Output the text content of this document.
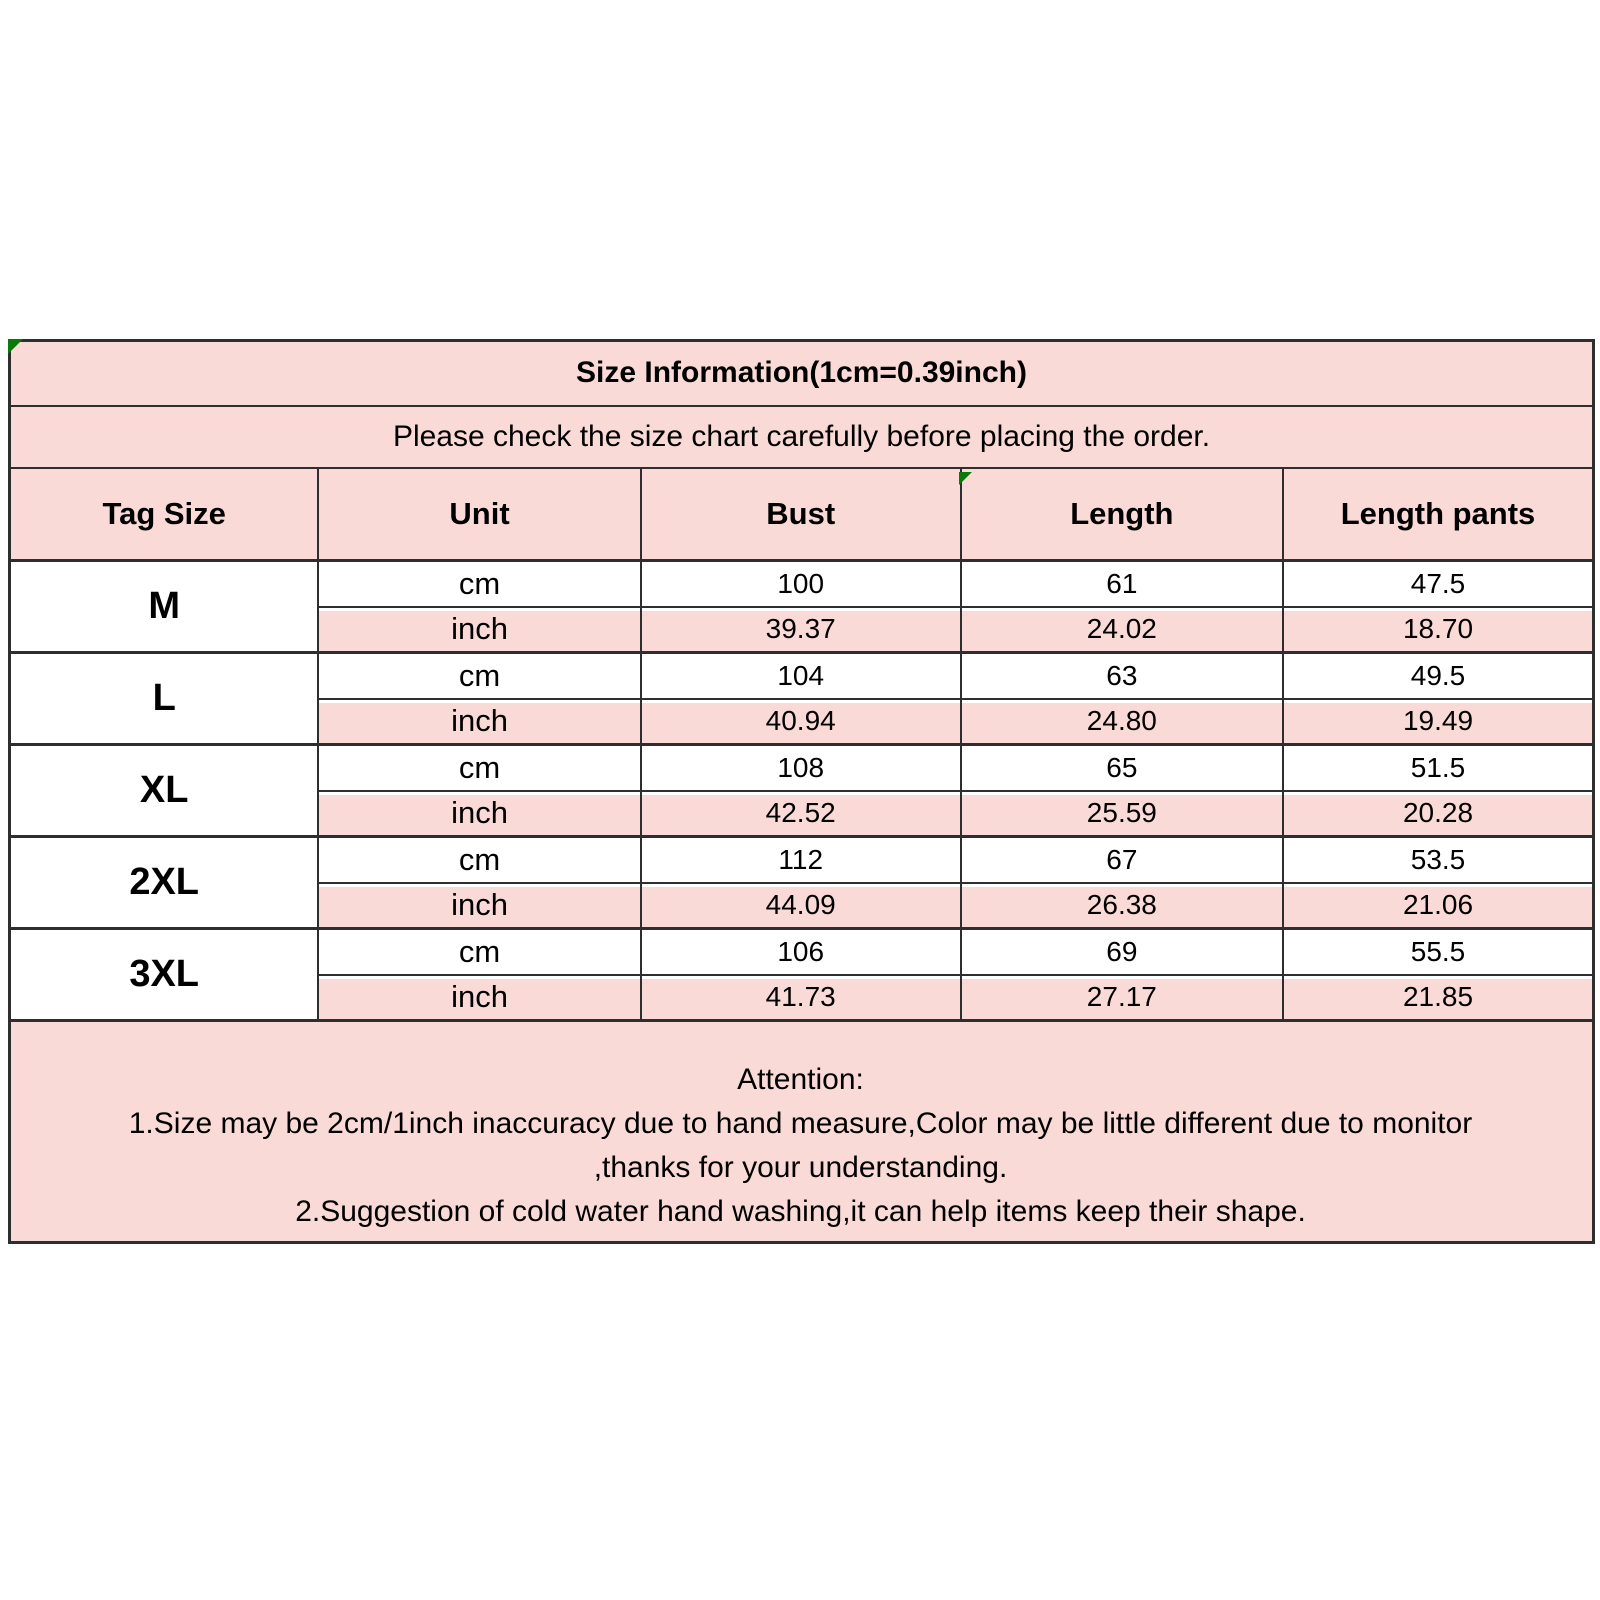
Size Information(1cm=0.39inch)				
Please check the size chart carefully before placing the order.				
Tag Size	Unit	Bust	Length	Length pants
M	cm	100	61	47.5
	inch	39.37	24.02	18.70
L	cm	104	63	49.5
	inch	40.94	24.80	19.49
XL	cm	108	65	51.5
	inch	42.52	25.59	20.28
2XL	cm	112	67	53.5
	inch	44.09	26.38	21.06
3XL	cm	106	69	55.5
	inch	41.73	27.17	21.85

Attention:
1.Size may be 2cm/1inch inaccuracy due to hand measure,Color may be little different due to monitor
,thanks for your understanding.
2.Suggestion of cold water hand washing,it can help items keep their shape.				
